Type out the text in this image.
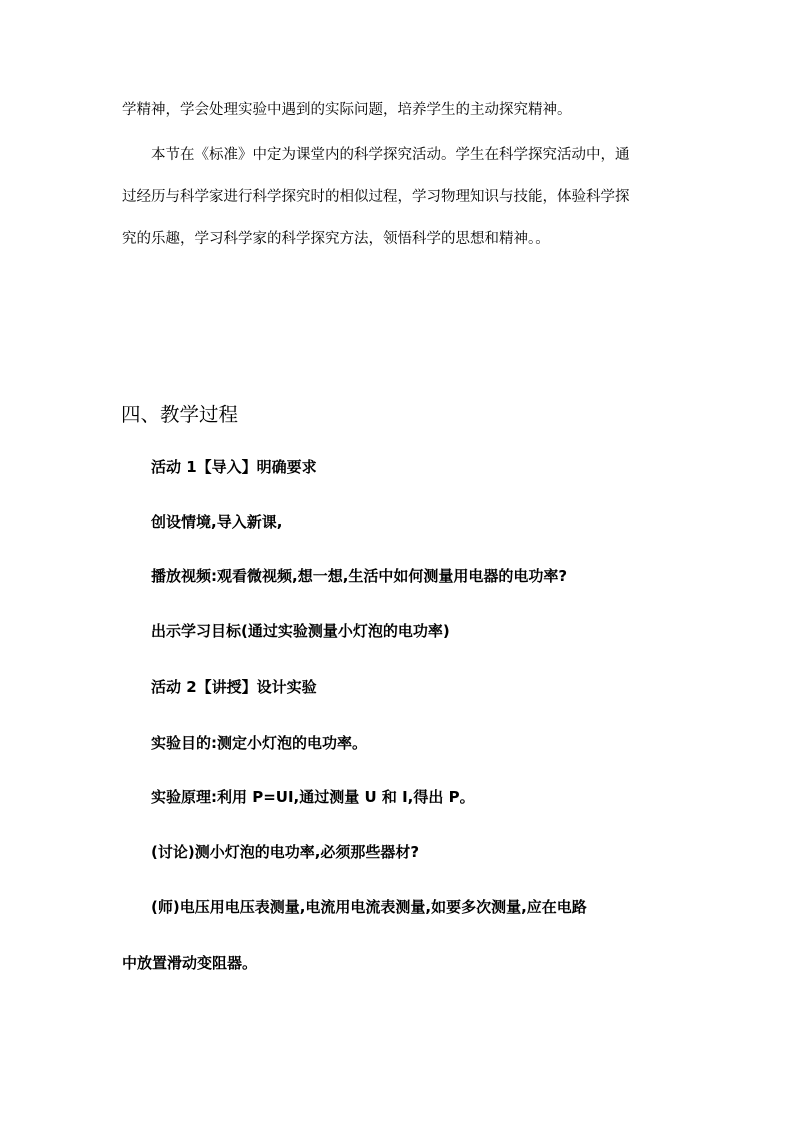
学精神，学会处理实验中遇到的实际问题，培养学生的主动探究精神。
本节在《标准》中定为课堂内的科学探究活动。学生在科学探究活动中，通
过经历与科学家进行科学探究时的相似过程，学习物理知识与技能，体验科学探
究的乐趣，学习科学家的科学探究方法，领悟科学的思想和精神。。
四、教学过程
活动 1【导入】明确要求
创设情境,导入新课,
播放视频:观看微视频,想一想,生活中如何测量用电器的电功率?
出示学习目标(通过实验测量小灯泡的电功率)
活动 2【讲授】设计实验
实验目的:测定小灯泡的电功率。
实验原理:利用 P=UI,通过测量 U 和 I,得出 P。
(讨论)测小灯泡的电功率,必须那些器材?
(师)电压用电压表测量,电流用电流表测量,如要多次测量,应在电路
中放置滑动变阻器。
